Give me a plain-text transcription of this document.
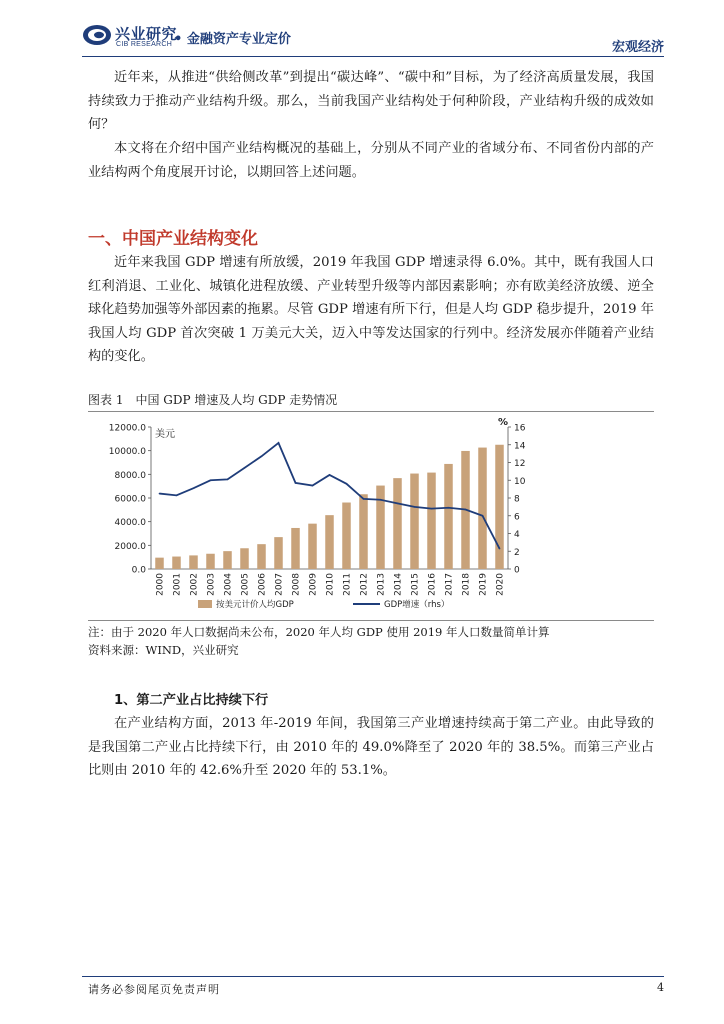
兴业研究
CIB RESEARCH • 金融资产专业定价
宏观经济

近年来，从推进“供给侧改革”到提出“碳达峰”、“碳中和”目标，为了经济高质量发展，我国持续致力于推动产业结构升级。那么，当前我国产业结构处于何种阶段，产业结构升级的成效如何？

本文将在介绍中国产业结构概况的基础上，分别从不同产业的省域分布、不同省份内部的产业结构两个角度展开讨论，以期回答上述问题。

一、中国产业结构变化

近年来我国 GDP 增速有所放缓，2019 年我国 GDP 增速录得 6.0%。其中，既有我国人口红利消退、工业化、城镇化进程放缓、产业转型升级等内部因素影响；亦有欧美经济放缓、逆全球化趋势加强等外部因素的拖累。尽管 GDP 增速有所下行，但是人均 GDP 稳步提升，2019 年我国人均 GDP 首次突破 1 万美元大关，迈入中等发达国家的行列中。经济发展亦伴随着产业结构的变化。

图表 1　中国 GDP 增速及人均 GDP 走势情况
0.0
2000.0
4000.0
6000.0
8000.0
10000.0
12000.0
0
2
4
6
8
10
12
14
16
美元
%
2000 2001 2002 2003 2004 2005 2006 2007 2008 2009 2010 2011 2012 2013 2014 2015 2016 2017 2018 2019 2020
按美元计价人均GDP	GDP增速（rhs）

注：由于 2020 年人口数据尚未公布，2020 年人均 GDP 使用 2019 年人口数量简单计算

资料来源：WIND，兴业研究

1、第二产业占比持续下行

在产业结构方面，2013 年-2019 年间，我国第三产业增速持续高于第二产业。由此导致的是我国第二产业占比持续下行，由 2010 年的 49.0%降至了 2020 年的 38.5%。而第三产业占比则由 2010 年的 42.6%升至 2020 年的 53.1%。

请务必参阅尾页免责声明	4
